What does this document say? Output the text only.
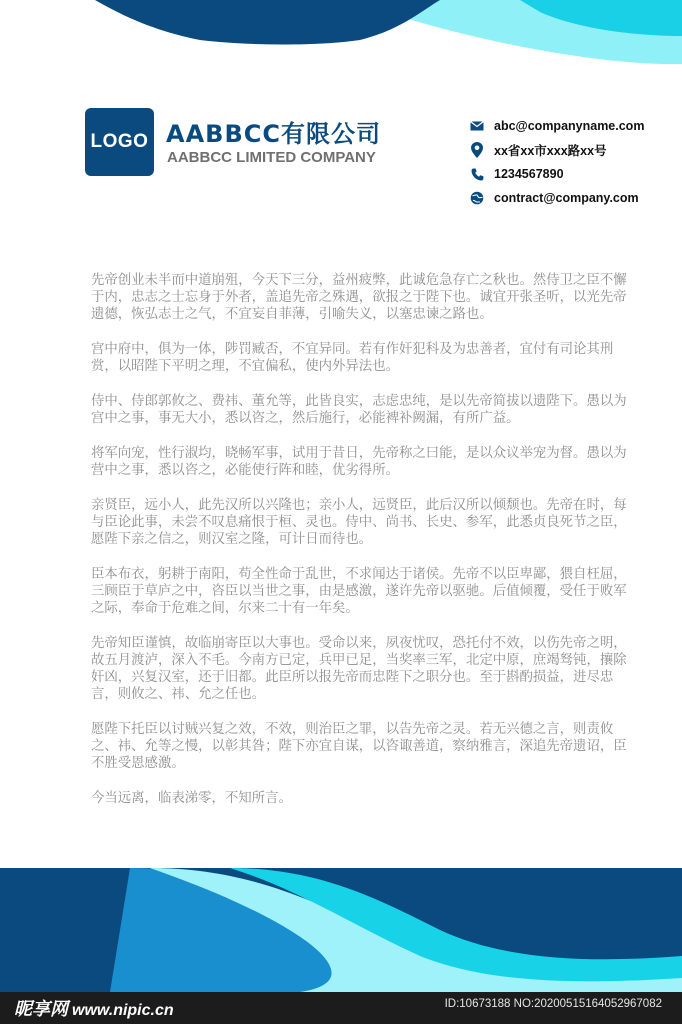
LOGO AABBCC有限公司
AABBCC LIMITED COMPANY
abc@companyname.com
xx省xx市xxx路xx号
1234567890
contract@company.com

先帝创业未半而中道崩殂，今天下三分，益州疲弊，此诚危急存亡之秋也。然侍卫之臣不懈于内，忠志之士忘身于外者，盖追先帝之殊遇，欲报之于陛下也。诚宜开张圣听，以光先帝遗德，恢弘志士之气，不宜妄自菲薄，引喻失义，以塞忠谏之路也。

宫中府中，俱为一体，陟罚臧否，不宜异同。若有作奸犯科及为忠善者，宜付有司论其刑赏，以昭陛下平明之理，不宜偏私，使内外异法也。

侍中、侍郎郭攸之、费祎、董允等，此皆良实，志虑忠纯，是以先帝简拔以遗陛下。愚以为宫中之事，事无大小，悉以咨之，然后施行，必能裨补阙漏，有所广益。

将军向宠，性行淑均，晓畅军事，试用于昔日，先帝称之曰能，是以众议举宠为督。愚以为营中之事，悉以咨之，必能使行阵和睦，优劣得所。

亲贤臣，远小人，此先汉所以兴隆也；亲小人，远贤臣，此后汉所以倾颓也。先帝在时，每与臣论此事，未尝不叹息痛恨于桓、灵也。侍中、尚书、长史、参军，此悉贞良死节之臣，愿陛下亲之信之，则汉室之隆，可计日而待也。

臣本布衣，躬耕于南阳，苟全性命于乱世，不求闻达于诸侯。先帝不以臣卑鄙，猥自枉屈，三顾臣于草庐之中，咨臣以当世之事，由是感激，遂许先帝以驱驰。后值倾覆，受任于败军之际，奉命于危难之间，尔来二十有一年矣。

先帝知臣谨慎，故临崩寄臣以大事也。受命以来，夙夜忧叹，恐托付不效，以伤先帝之明，故五月渡泸，深入不毛。今南方已定，兵甲已足，当奖率三军，北定中原，庶竭驽钝，攘除奸凶，兴复汉室，还于旧都。此臣所以报先帝而忠陛下之职分也。至于斟酌损益，进尽忠言，则攸之、祎、允之任也。

愿陛下托臣以讨贼兴复之效，不效，则治臣之罪，以告先帝之灵。若无兴德之言，则责攸之、祎、允等之慢，以彰其咎；陛下亦宜自谋，以咨诹善道，察纳雅言，深追先帝遗诏，臣不胜受恩感激。

今当远离，临表涕零，不知所言。

昵享网 www.nipic.cn	ID:10673188 NO:20200515164052967082
